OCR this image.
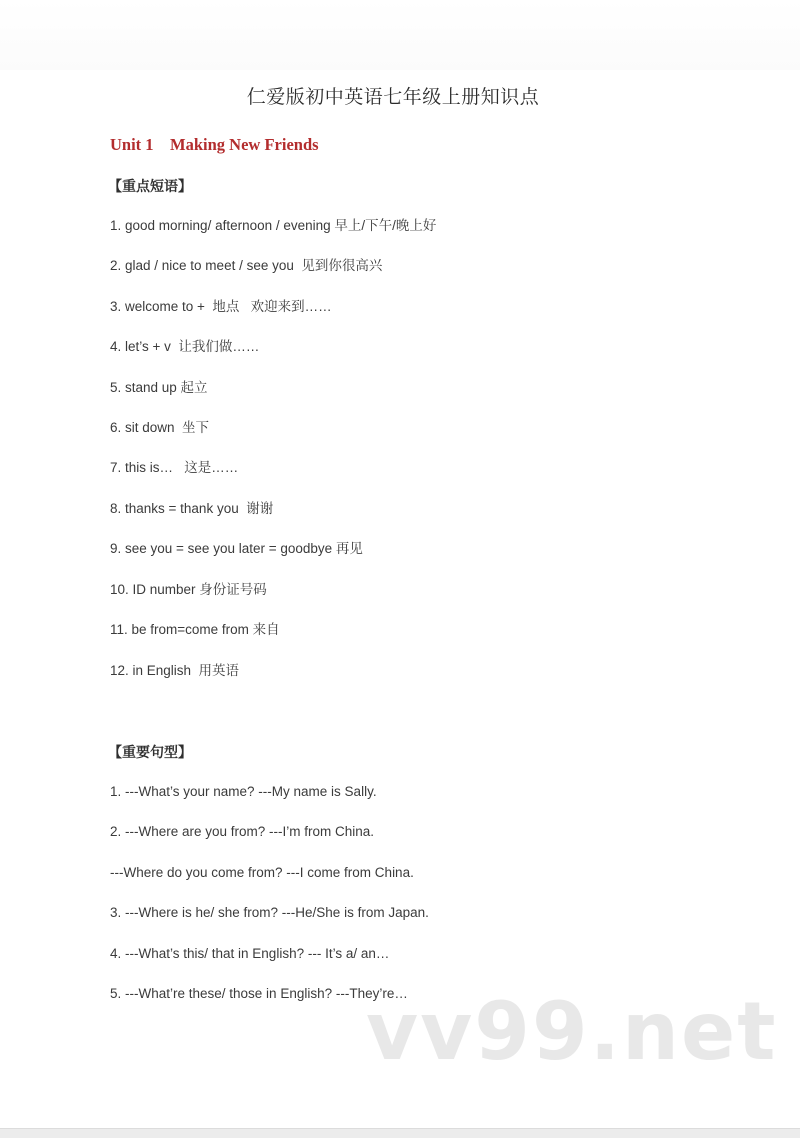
仁爱版初中英语七年级上册知识点
Unit 1    Making New Friends
【重点短语】
1. good morning/ afternoon / evening 早上/下午/晚上好
2. glad / nice to meet / see you  见到你很高兴
3. welcome to +  地点   欢迎来到……
4. let’s + v  让我们做……
5. stand up 起立
6. sit down  坐下
7. this is…   这是……
8. thanks = thank you  谢谢
9. see you = see you later = goodbye 再见
10. ID number 身份证号码
11. be from=come from 来自
12. in English  用英语
【重要句型】
1. ---What’s your name? ---My name is Sally.
2. ---Where are you from? ---I’m from China.
---Where do you come from? ---I come from China.
3. ---Where is he/ she from? ---He/She is from Japan.
4. ---What’s this/ that in English? --- It’s a/ an…
5. ---What’re these/ those in English? ---They’re…
vv99.net
